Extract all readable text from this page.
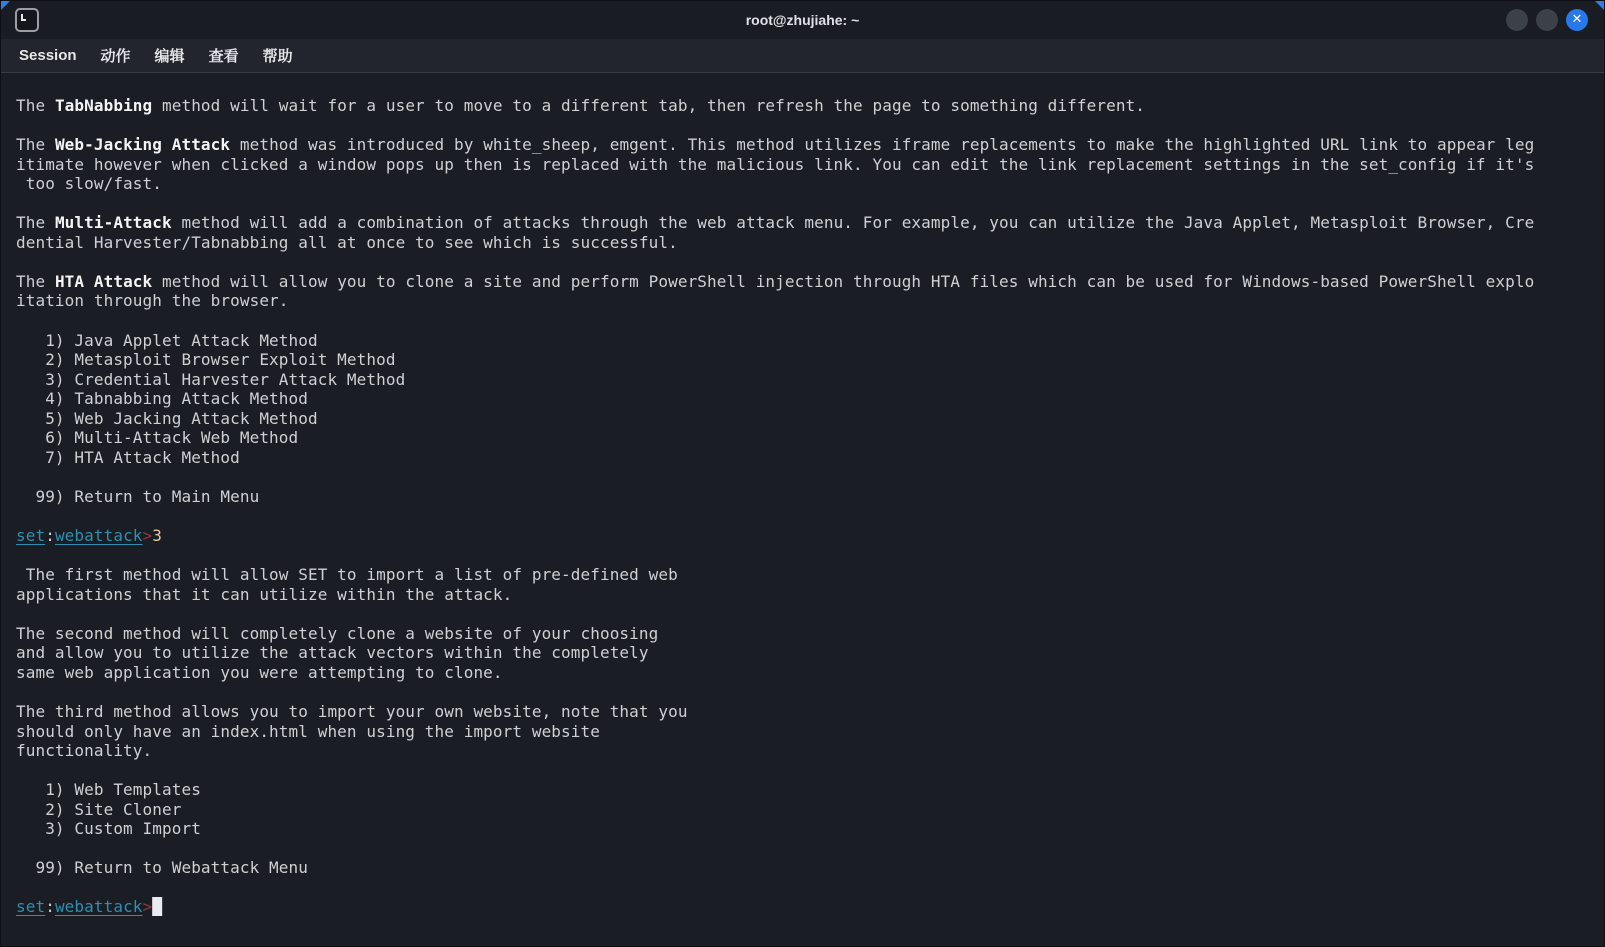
root@zhujiahe: ~	✕
Session	动作	编辑	查看	帮助
The TabNabbing method will wait for a user to move to a different tab, then refresh the page to something different.

The Web-Jacking Attack method was introduced by white_sheep, emgent. This method utilizes iframe replacements to make the highlighted URL link to appear leg
itimate however when clicked a window pops up then is replaced with the malicious link. You can edit the link replacement settings in the set_config if it's
too slow/fast.

The Multi-Attack method will add a combination of attacks through the web attack menu. For example, you can utilize the Java Applet, Metasploit Browser, Cre
dential Harvester/Tabnabbing all at once to see which is successful.

The HTA Attack method will allow you to clone a site and perform PowerShell injection through HTA files which can be used for Windows-based PowerShell explo
itation through the browser.

1) Java Applet Attack Method
2) Metasploit Browser Exploit Method
3) Credential Harvester Attack Method
4) Tabnabbing Attack Method
5) Web Jacking Attack Method
6) Multi-Attack Web Method
7) HTA Attack Method

99) Return to Main Menu

set:webattack>3

The first method will allow SET to import a list of pre-defined web
applications that it can utilize within the attack.

The second method will completely clone a website of your choosing
and allow you to utilize the attack vectors within the completely
same web application you were attempting to clone.

The third method allows you to import your own website, note that you
should only have an index.html when using the import website
functionality.

1) Web Templates
2) Site Cloner
3) Custom Import

99) Return to Webattack Menu

set:webattack>█
